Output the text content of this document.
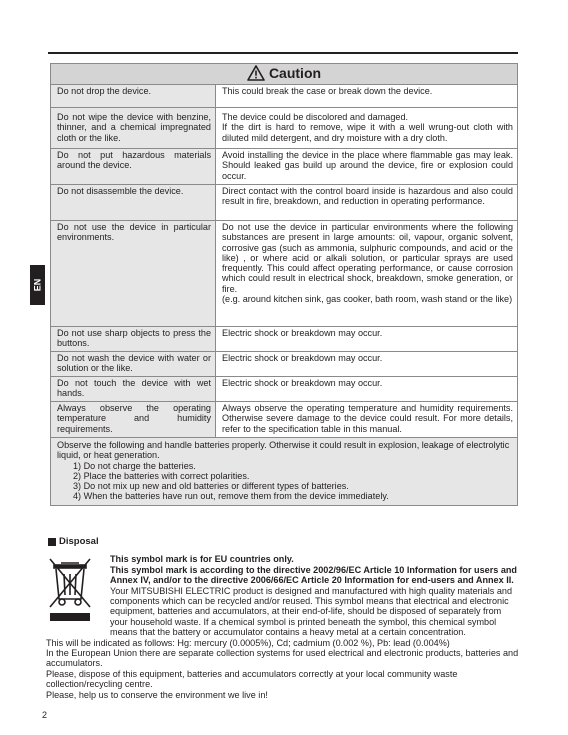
EN
Caution	

Do not drop the device.	This could break the case or break down the device.

Do not wipe the device with benzine, thinner, and a chemical impregnated cloth or the like.	The device could be discolored and damaged.
If the dirt is hard to remove, wipe it with a well wrung-out cloth with diluted mild detergent, and dry moisture with a dry cloth.

Do not put hazardous materials around the device.	Avoid installing the device in the place where flammable gas may leak. Should leaked gas build up around the device, fire or explosion could occur.

Do not disassemble the device.	Direct contact with the control board inside is hazardous and also could result in fire, breakdown, and reduction in operating performance.

Do not use the device in particular environments.	Do not use the device in particular environments where the following substances are present in large amounts: oil, vapour, organic solvent, corrosive gas (such as ammonia, sulphuric compounds, and acid or the like) , or where acid or alkali solution, or particular sprays are used frequently. This could affect operating performance, or cause corrosion which could result in electrical shock, breakdown, smoke generation, or fire.
(e.g. around kitchen sink, gas cooker, bath room, wash stand or the like)

Do not use sharp objects to press the buttons.	Electric shock or breakdown may occur.

Do not wash the device with water or solution or the like.	Electric shock or breakdown may occur.

Do not touch the device with wet hands.	Electric shock or breakdown may occur.

Always observe the operating temperature and humidity requirements.	Always observe the operating temperature and humidity requirements. Otherwise severe damage to the device could result. For more details, refer to the specification table in this manual.

Observe the following and handle batteries properly. Otherwise it could result in explosion, leakage of electrolytic liquid, or heat generation.
1) Do not charge the batteries.
2) Place the batteries with correct polarities.
3) Do not mix up new and old batteries or different types of batteries.
4) When the batteries have run out, remove them from the device immediately.	
Disposal
This symbol mark is for EU countries only.
This symbol mark is according to the directive 2002/96/EC Article 10 Information for users and Annex IV, and/or to the directive 2006/66/EC Article 20 Information for end-users and Annex II.
Your MITSUBISHI ELECTRIC product is designed and manufactured with high quality materials and components which can be recycled and/or reused. This symbol means that electrical and electronic equipment, batteries and accumulators, at their end-of-life, should be disposed of separately from your household waste. If a chemical symbol is printed beneath the symbol, this chemical symbol means that the battery or accumulator contains a heavy metal at a certain concentration.
This will be indicated as follows: Hg: mercury (0.0005%), Cd; cadmium (0.002 %), Pb: lead (0.004%)
In the European Union there are separate collection systems for used electrical and electronic products, batteries and accumulators.
Please, dispose of this equipment, batteries and accumulators correctly at your local community waste collection/recycling centre.
Please, help us to conserve the environment we live in!
2
